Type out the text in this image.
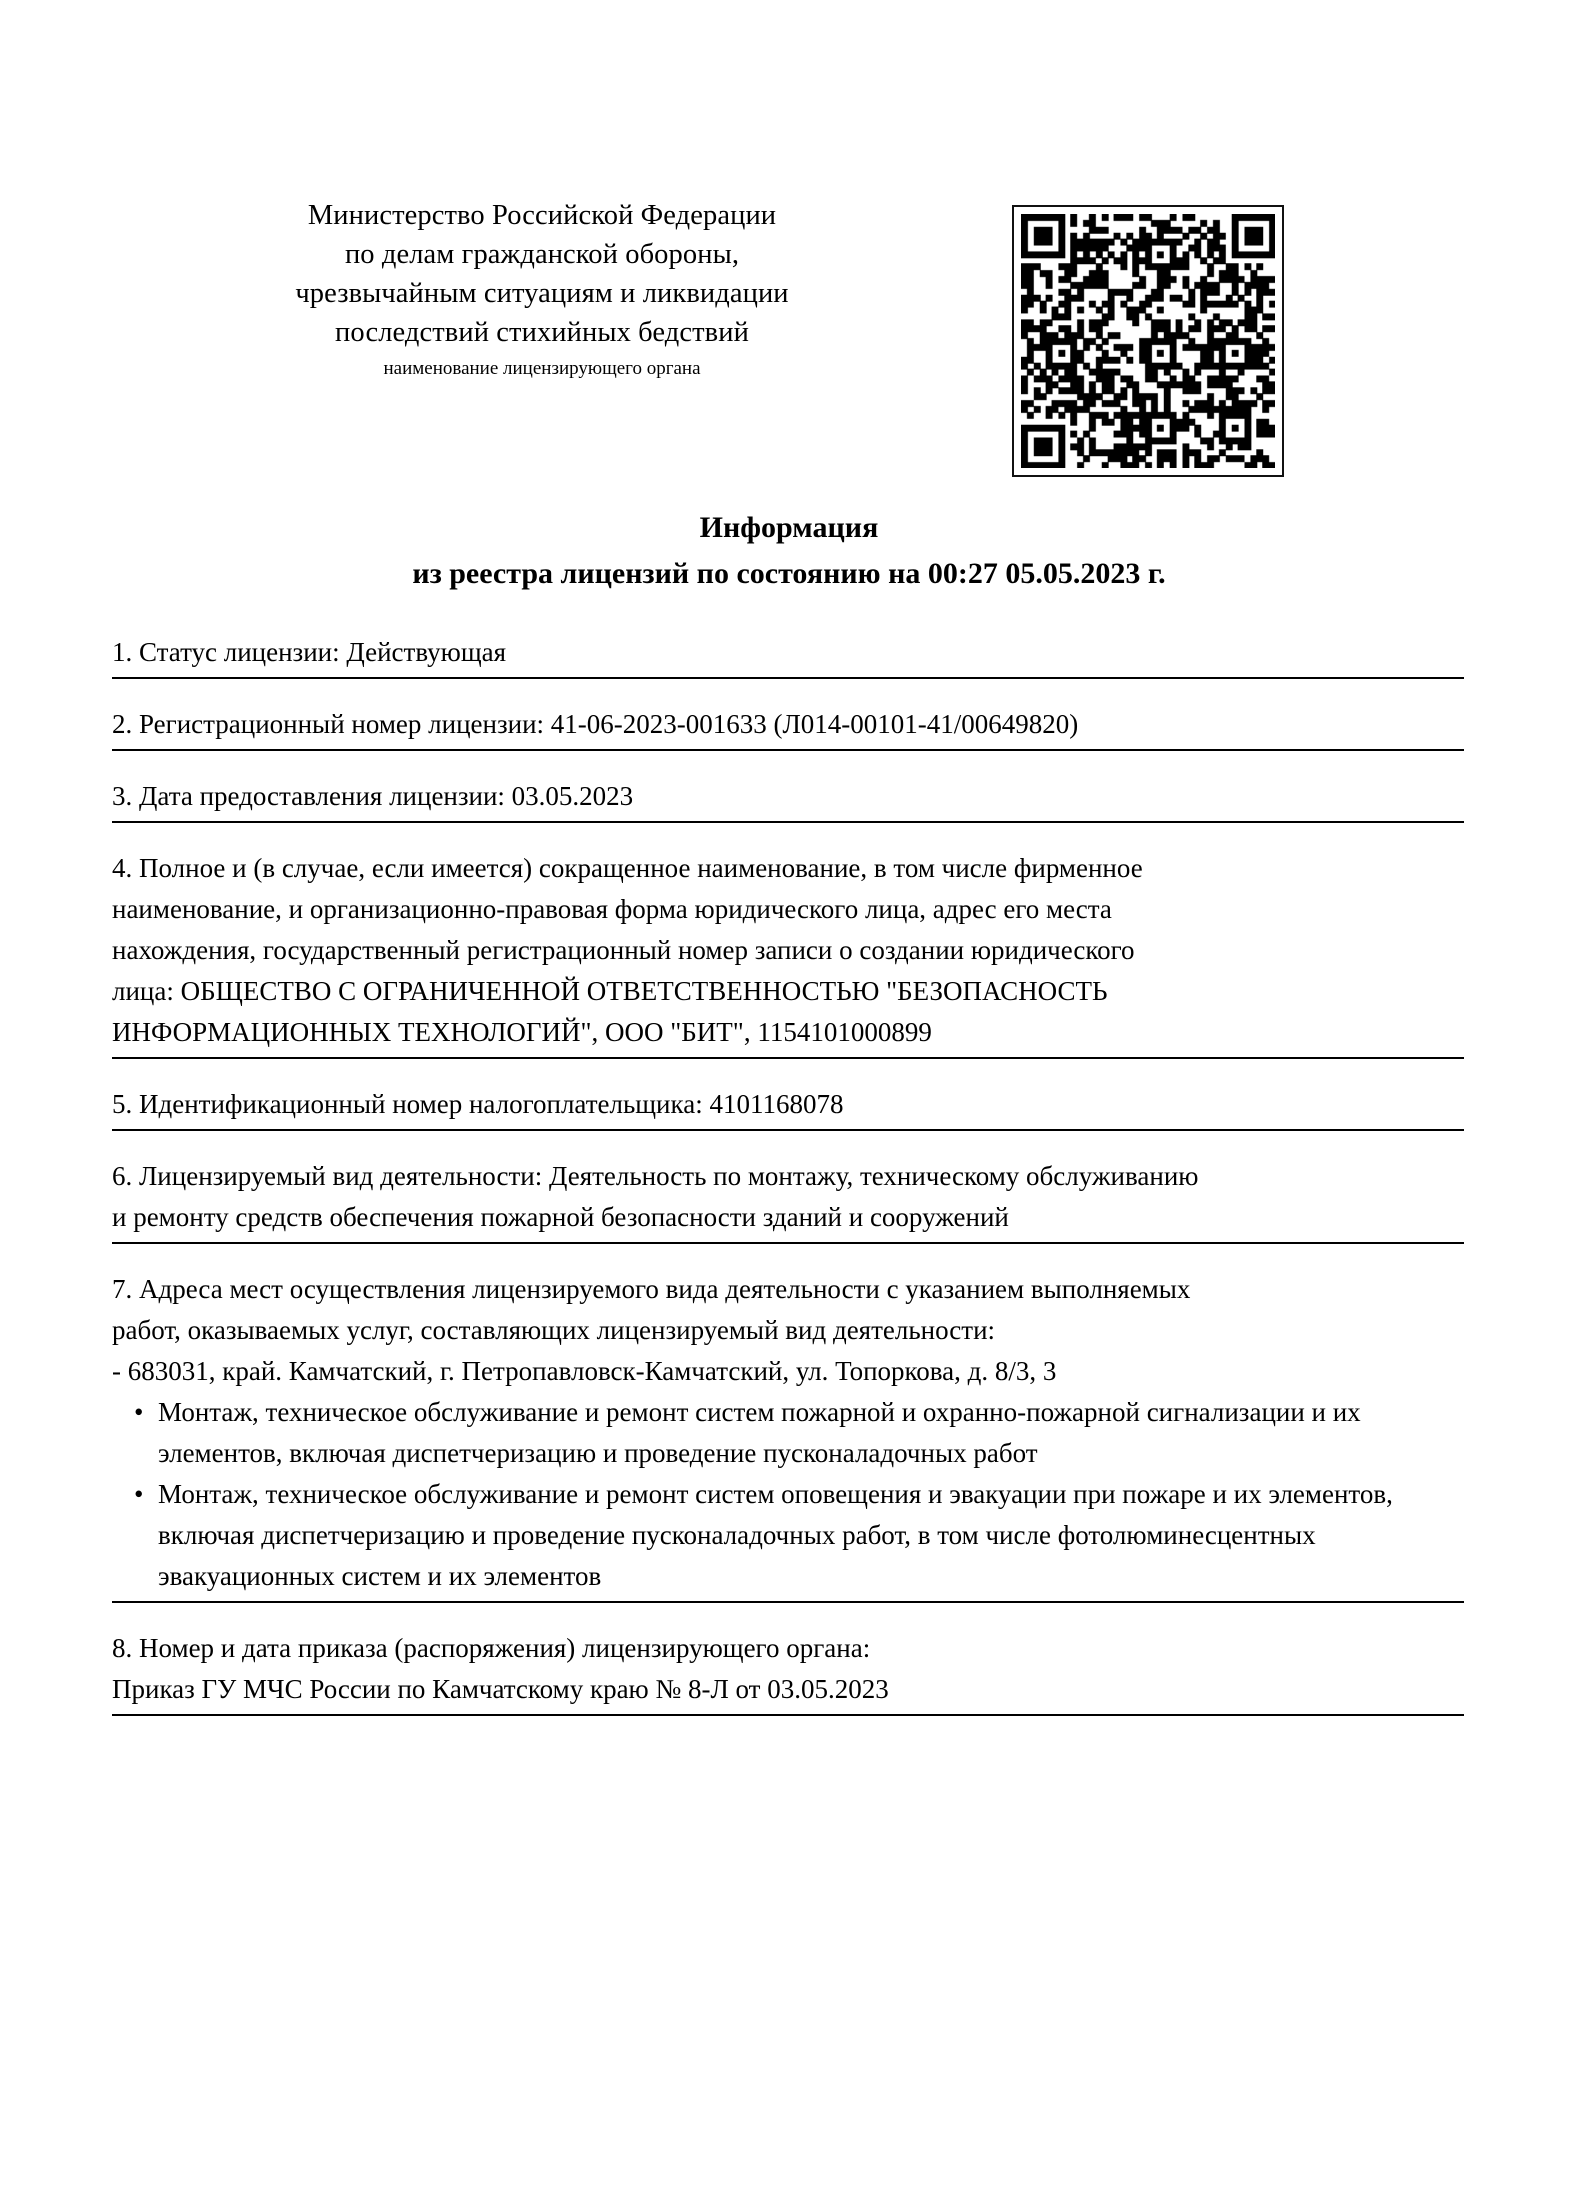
Министерство Российской Федерации
по делам гражданской обороны,
чрезвычайным ситуациям и ликвидации
последствий стихийных бедствий
наименование лицензирующего органа
Информация
из реестра лицензий по состоянию на 00:27 05.05.2023 г.
1. Статус лицензии: Действующая
2. Регистрационный номер лицензии: 41-06-2023-001633 (Л014-00101-41/00649820)
3. Дата предоставления лицензии: 03.05.2023
4. Полное и (в случае, если имеется) сокращенное наименование, в том числе фирменное
наименование, и организационно-правовая форма юридического лица, адрес его места
нахождения, государственный регистрационный номер записи о создании юридического
лица: ОБЩЕСТВО С ОГРАНИЧЕННОЙ ОТВЕТСТВЕННОСТЬЮ "БЕЗОПАСНОСТЬ
ИНФОРМАЦИОННЫХ ТЕХНОЛОГИЙ", ООО "БИТ", 1154101000899
5. Идентификационный номер налогоплательщика: 4101168078
6. Лицензируемый вид деятельности: Деятельность по монтажу, техническому обслуживанию
и ремонту средств обеспечения пожарной безопасности зданий и сооружений
7. Адреса мест осуществления лицензируемого вида деятельности с указанием выполняемых
работ, оказываемых услуг, составляющих лицензируемый вид деятельности:
- 683031, край. Камчатский, г. Петропавловск-Камчатский, ул. Топоркова, д. 8/3, 3
• Монтаж, техническое обслуживание и ремонт систем пожарной и охранно-пожарной сигнализации и их элементов, включая диспетчеризацию и проведение пусконаладочных работ
• Монтаж, техническое обслуживание и ремонт систем оповещения и эвакуации при пожаре и их элементов, включая диспетчеризацию и проведение пусконаладочных работ, в том числе фотолюминесцентных эвакуационных систем и их элементов
8. Номер и дата приказа (распоряжения) лицензирующего органа:
Приказ ГУ МЧС России по Камчатскому краю № 8-Л от 03.05.2023
